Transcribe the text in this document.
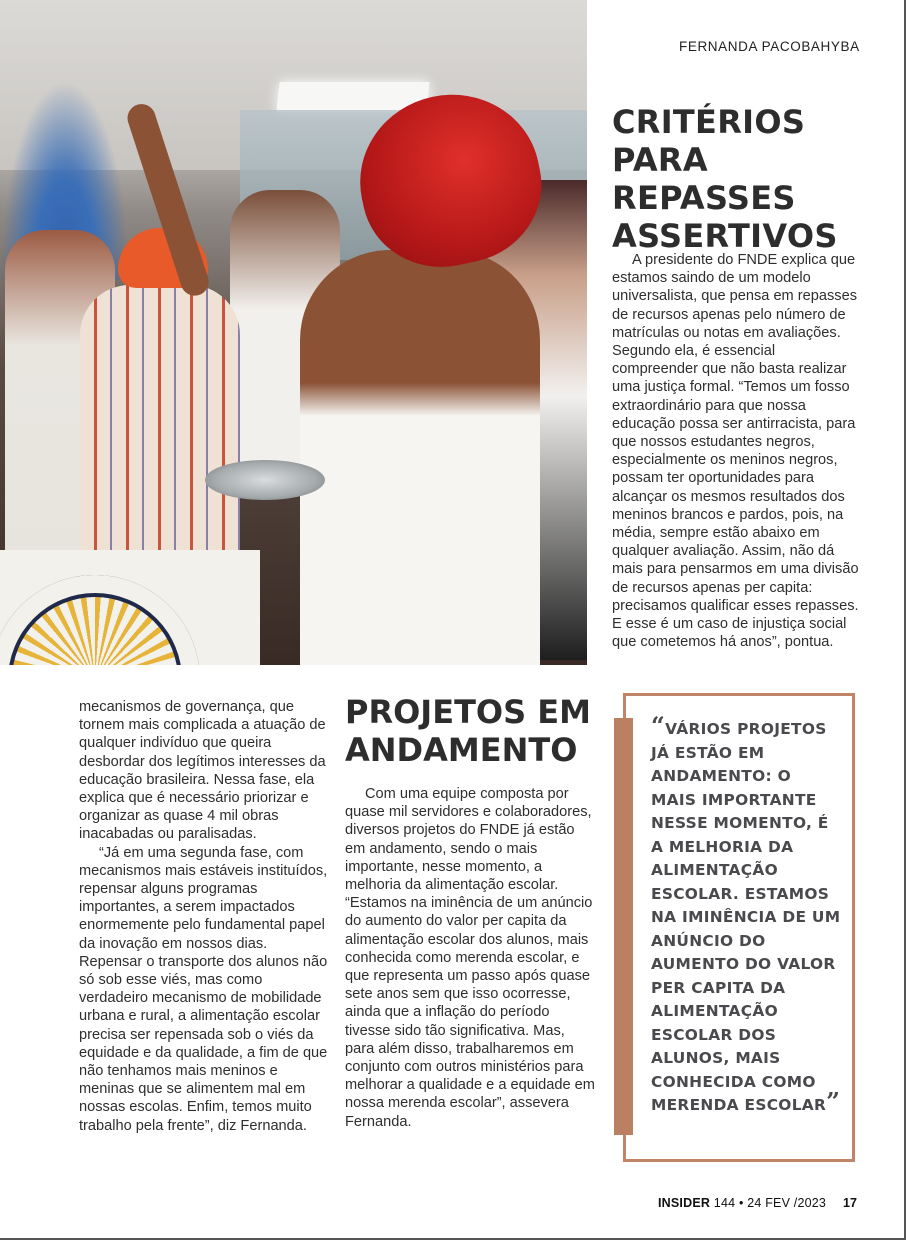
FERNANDA PACOBAHYBA
CRITÉRIOS PARA REPASSES ASSERTIVOS

A presidente do FNDE explica que estamos saindo de um modelo universalista, que pensa em repasses de recursos apenas pelo número de matrículas ou notas em avaliações. Segundo ela, é essencial compreender que não basta realizar uma justiça formal. “Temos um fosso extraordinário para que nossa educação possa ser antirracista, para que nossos estudantes negros, especialmente os meninos negros, possam ter oportunidades para alcançar os mesmos resultados dos meninos brancos e pardos, pois, na média, sempre estão abaixo em qualquer avaliação. Assim, não dá mais para pensarmos em uma divisão de recursos apenas per capita: precisamos qualificar esses repasses. E esse é um caso de injustiça social que cometemos há anos”, pontua.

mecanismos de governança, que tornem mais complicada a atuação de qualquer indivíduo que queira desbordar dos legítimos interesses da educação brasileira. Nessa fase, ela explica que é necessário priorizar e organizar as quase 4 mil obras inacabadas ou paralisadas.

“Já em uma segunda fase, com mecanismos mais estáveis instituídos, repensar alguns programas importantes, a serem impactados enormemente pelo fundamental papel da inovação em nossos dias. Repensar o transporte dos alunos não só sob esse viés, mas como verdadeiro mecanismo de mobilidade urbana e rural, a alimentação escolar precisa ser repensada sob o viés da equidade e da qualidade, a fim de que não tenhamos mais meninos e meninas que se alimentem mal em nossas escolas. Enfim, temos muito trabalho pela frente”, diz Fernanda.

PROJETOS EM ANDAMENTO

Com uma equipe composta por quase mil servidores e colaboradores, diversos projetos do FNDE já estão em andamento, sendo o mais importante, nesse momento, a melhoria da alimentação escolar. “Estamos na iminência de um anúncio do aumento do valor per capita da alimentação escolar dos alunos, mais conhecida como merenda escolar, e que representa um passo após quase sete anos sem que isso ocorresse, ainda que a inflação do período tivesse sido tão significativa. Mas, para além disso, trabalharemos em conjunto com outros ministérios para melhorar a qualidade e a equidade em nossa merenda escolar”, assevera Fernanda.

“VÁRIOS PROJETOS JÁ ESTÃO EM ANDAMENTO: O MAIS IMPORTANTE NESSE MOMENTO, É A MELHORIA DA ALIMENTAÇÃO ESCOLAR. ESTAMOS NA IMINÊNCIA DE UM ANÚNCIO DO AUMENTO DO VALOR PER CAPITA DA ALIMENTAÇÃO ESCOLAR DOS ALUNOS, MAIS CONHECIDA COMO MERENDA ESCOLAR”

INSIDER 144 • 24 FEV /2023 17
